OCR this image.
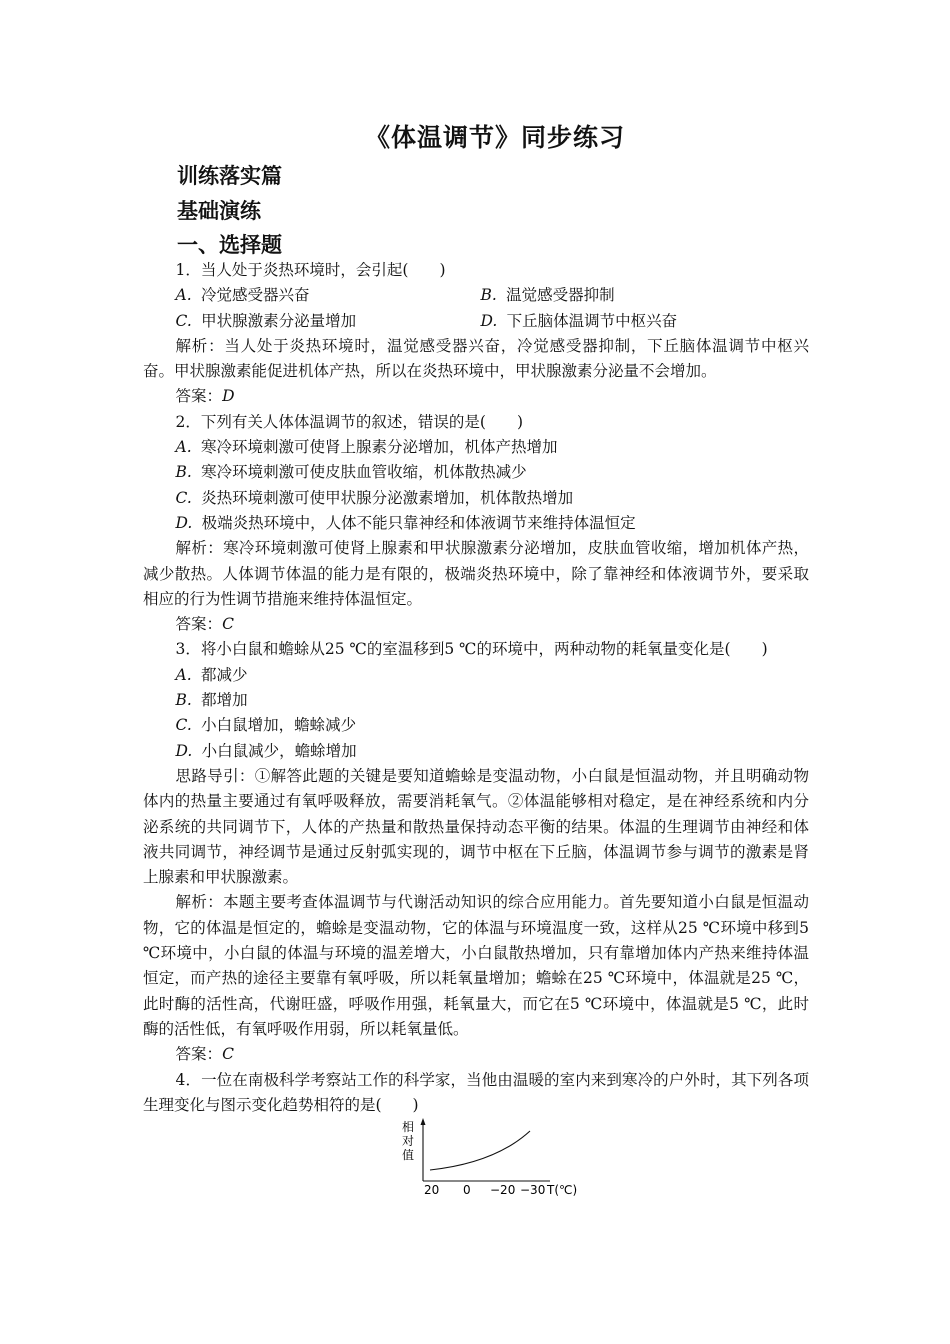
《体温调节》同步练习
训练落实篇
基础演练
一、选择题

1．当人处于炎热环境时，会引起(　　)

A. 冷觉感受器兴奋	B. 温觉感受器抑制
C. 甲状腺激素分泌量增加	D. 下丘脑体温调节中枢兴奋

解析：当人处于炎热环境时，温觉感受器兴奋，冷觉感受器抑制，下丘脑体温调节中枢兴奋。甲状腺激素能促进机体产热，所以在炎热环境中，甲状腺激素分泌量不会增加。

答案：D

2．下列有关人体体温调节的叙述，错误的是(　　)

A. 寒冷环境刺激可使肾上腺素分泌增加，机体产热增加
B. 寒冷环境刺激可使皮肤血管收缩，机体散热减少
C. 炎热环境刺激可使甲状腺分泌激素增加，机体散热增加
D. 极端炎热环境中，人体不能只靠神经和体液调节来维持体温恒定

解析：寒冷环境刺激可使肾上腺素和甲状腺激素分泌增加，皮肤血管收缩，增加机体产热，减少散热。人体调节体温的能力是有限的，极端炎热环境中，除了靠神经和体液调节外，要采取相应的行为性调节措施来维持体温恒定。

答案：C

3．将小白鼠和蟾蜍从25 ℃的室温移到5 ℃的环境中，两种动物的耗氧量变化是(　　)

A. 都减少
B. 都增加
C. 小白鼠增加，蟾蜍减少
D. 小白鼠减少，蟾蜍增加

思路导引：①解答此题的关键是要知道蟾蜍是变温动物，小白鼠是恒温动物，并且明确动物体内的热量主要通过有氧呼吸释放，需要消耗氧气。②体温能够相对稳定，是在神经系统和内分泌系统的共同调节下，人体的产热量和散热量保持动态平衡的结果。体温的生理调节由神经和体液共同调节，神经调节是通过反射弧实现的，调节中枢在下丘脑，体温调节参与调节的激素是肾上腺素和甲状腺激素。

解析：本题主要考查体温调节与代谢活动知识的综合应用能力。首先要知道小白鼠是恒温动物，它的体温是恒定的，蟾蜍是变温动物，它的体温与环境温度一致，这样从25 ℃环境中移到5 ℃环境中，小白鼠的体温与环境的温差增大，小白鼠散热增加，只有靠增加体内产热来维持体温恒定，而产热的途径主要靠有氧呼吸，所以耗氧量增加；蟾蜍在25 ℃环境中，体温就是25 ℃，此时酶的活性高，代谢旺盛，呼吸作用强，耗氧量大，而它在5 ℃环境中，体温就是5 ℃，此时酶的活性低，有氧呼吸作用弱，所以耗氧量低。

答案：C

4．一位在南极科学考察站工作的科学家，当他由温暖的室内来到寒冷的户外时，其下列各项生理变化与图示变化趋势相符的是(　　)

相
对
值
20 0 −20 −30 T(℃)
